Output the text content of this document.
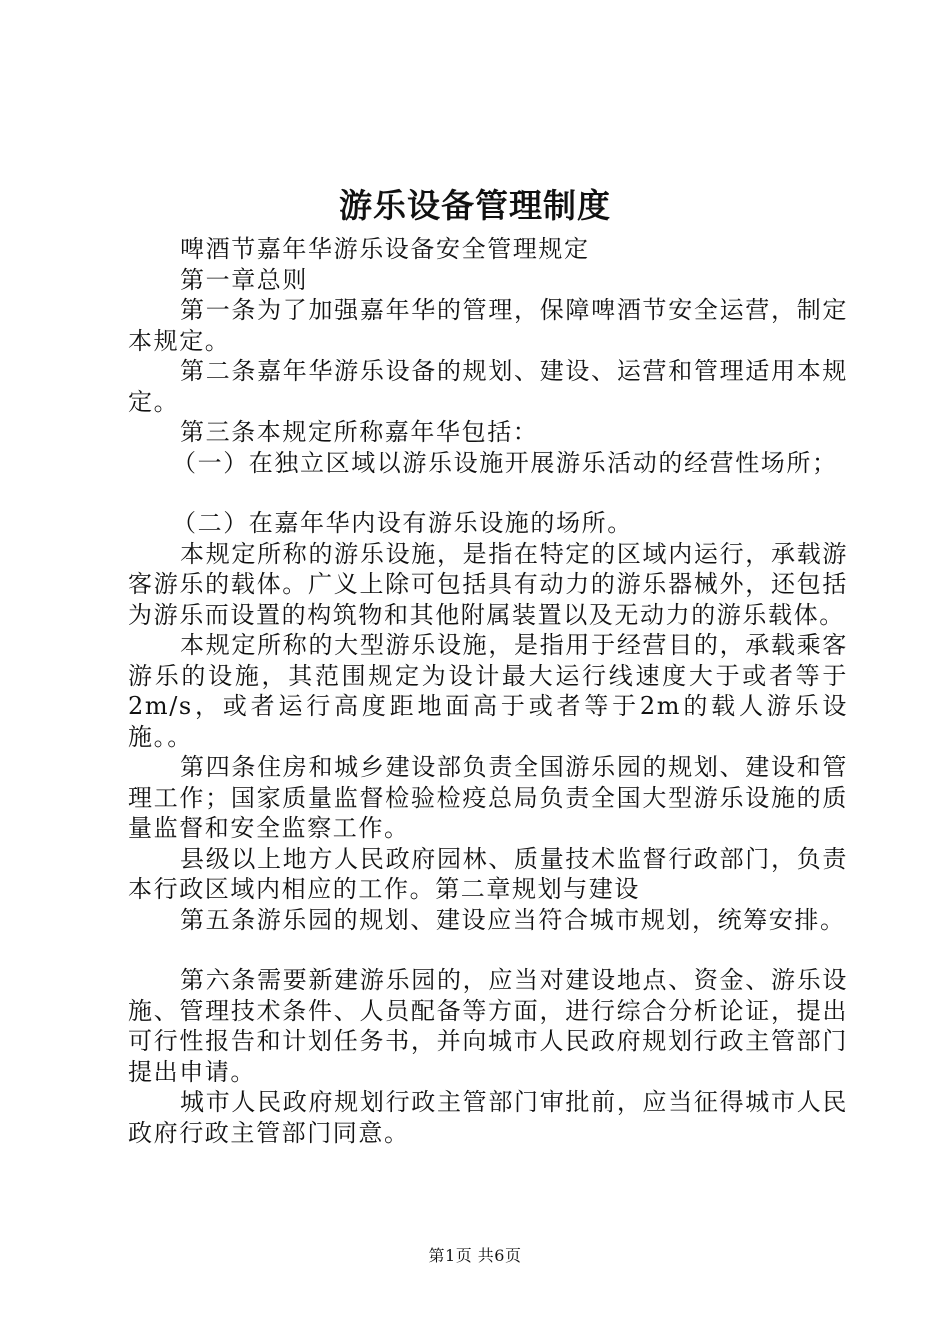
游乐设备管理制度

啤酒节嘉年华游乐设备安全管理规定

第一章总则

第一条为了加强嘉年华的管理，保障啤酒节安全运营，制定本规定。

第二条嘉年华游乐设备的规划、建设、运营和管理适用本规定。

第三条本规定所称嘉年华包括：

（一）在独立区域以游乐设施开展游乐活动的经营性场所；

（二）在嘉年华内设有游乐设施的场所。

本规定所称的游乐设施，是指在特定的区域内运行，承载游客游乐的载体。广义上除可包括具有动力的游乐器械外，还包括为游乐而设置的构筑物和其他附属装置以及无动力的游乐载体。

本规定所称的大型游乐设施，是指用于经营目的，承载乘客游乐的设施，其范围规定为设计最大运行线速度大于或者等于2m/s，或者运行高度距地面高于或者等于2m的载人游乐设施。。

第四条住房和城乡建设部负责全国游乐园的规划、建设和管理工作；国家质量监督检验检疫总局负责全国大型游乐设施的质量监督和安全监察工作。

县级以上地方人民政府园林、质量技术监督行政部门，负责本行政区域内相应的工作。第二章规划与建设

第五条游乐园的规划、建设应当符合城市规划，统筹安排。

第六条需要新建游乐园的，应当对建设地点、资金、游乐设施、管理技术条件、人员配备等方面，进行综合分析论证，提出可行性报告和计划任务书，并向城市人民政府规划行政主管部门提出申请。

城市人民政府规划行政主管部门审批前，应当征得城市人民政府行政主管部门同意。

第1页 共6页
